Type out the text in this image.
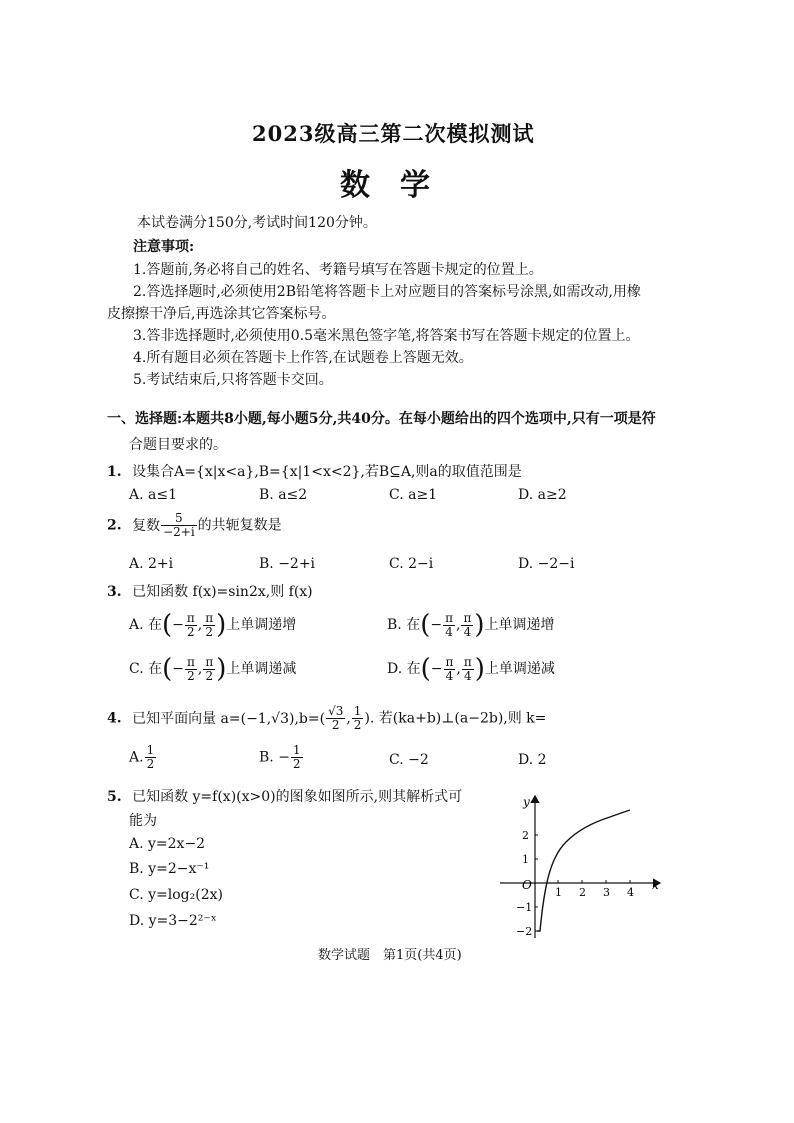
2023级高三第二次模拟测试
数学
本试卷满分150分,考试时间120分钟。
注意事项:
1.答题前,务必将自己的姓名、考籍号填写在答题卡规定的位置上。
2.答选择题时,必须使用2B铅笔将答题卡上对应题目的答案标号涂黑,如需改动,用橡
皮擦擦干净后,再选涂其它答案标号。
3.答非选择题时,必须使用0.5毫米黑色签字笔,将答案书写在答题卡规定的位置上。
4.所有题目必须在答题卡上作答,在试题卷上答题无效。
5.考试结束后,只将答题卡交回。
一、选择题:本题共8小题,每小题5分,共40分。在每小题给出的四个选项中,只有一项是符
合题目要求的。
1. 设集合A={x|x<a},B={x|1<x<2},若B⊆A,则a的取值范围是
A. a≤1	B. a≤2	C. a≥1	D. a≥2
2. 复数 $\frac{5}{-2+i}$ 的共轭复数是
A. 2+i	B. −2+i	C. 2−i	D. −2−i
3. 已知函数 f(x)=sin2x,则 f(x)
A. 在(− $\frac{\pi}{2}$ , $\frac{\pi}{2}$ )上单调递增	B. 在(− $\frac{\pi}{4}$ , $\frac{\pi}{4}$ )上单调递增
C. 在(− $\frac{\pi}{2}$ , $\frac{\pi}{2}$ )上单调递减	D. 在(− $\frac{\pi}{4}$ , $\frac{\pi}{4}$ )上单调递减
4. 已知平面向量 $a=(-1,√3),b=( \frac{√3}{2}$ , $\frac{1}{2}$ ). 若(ka+b)⊥(a−2b),则 k=
A. $\frac{1}{2}$	B. − $\frac{1}{2}$	C. −2	D. 2
5. 已知函数 y=f(x)(x>0)的图象如图所示,则其解析式可
能为
A. y=2x−2
B. y=2−x⁻¹
C. y=log₂(2x)
D. y=3−2²⁻ˣ
y
x
O
1 2 3 4
2
1
−1
−2
数学试题　第1页(共4页)
